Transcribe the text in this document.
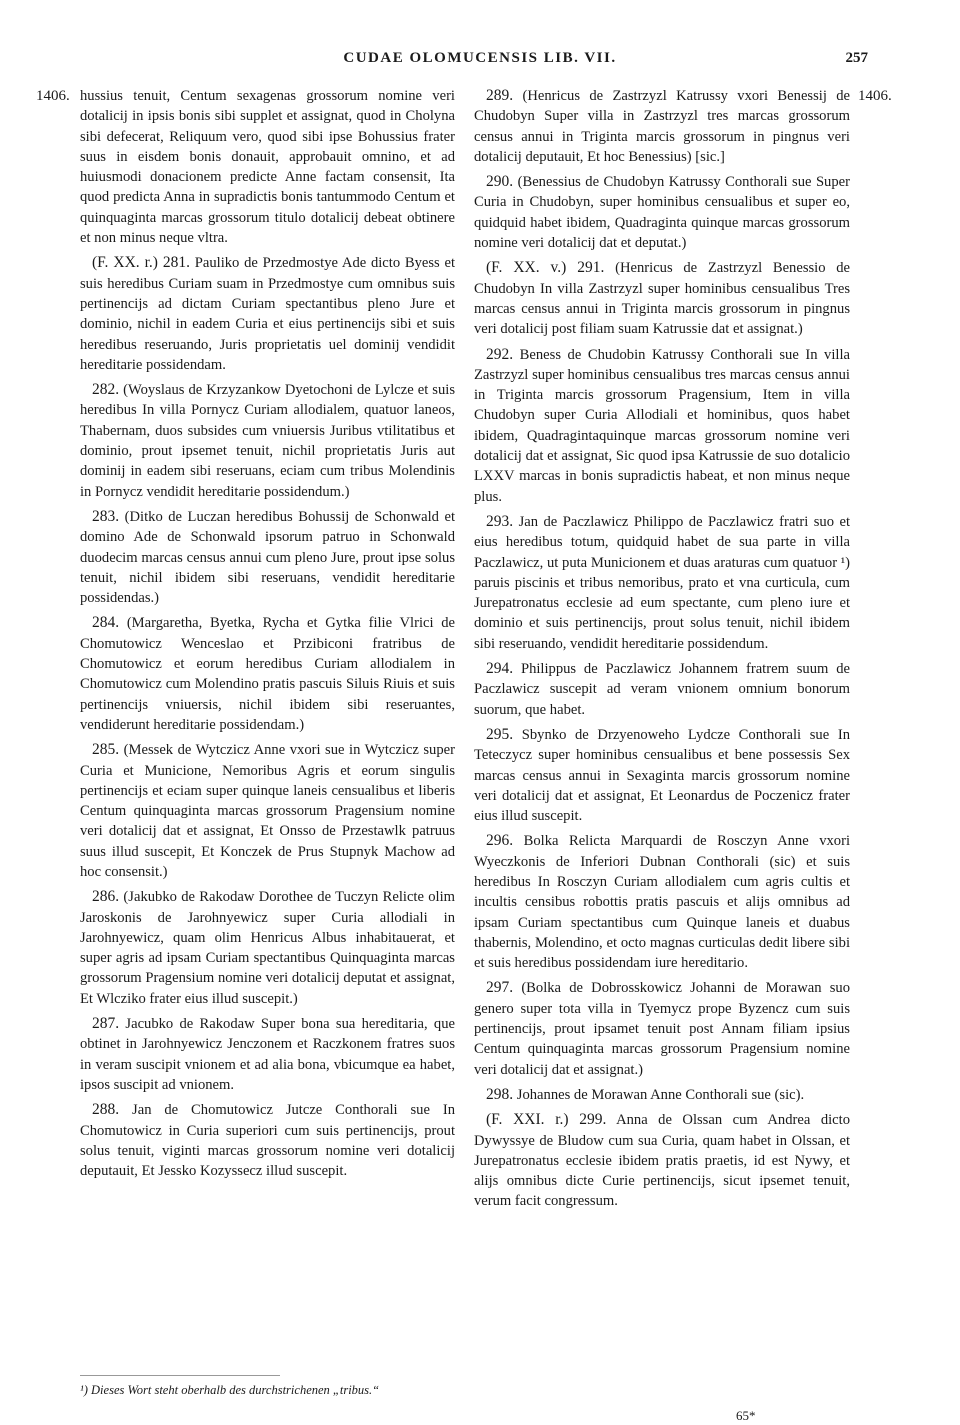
CUDAE OLOMUCENSIS LIB. VII.	257
1406.	1406.

hussius tenuit, Centum sexagenas grossorum nomine veri dotalicij in ipsis bonis sibi supplet et assignat, quod in Cholyna sibi defecerat, Reliquum vero, quod sibi ipse Bohussius frater suus in eisdem bonis donauit, approbauit omnino, et ad huiusmodi donacionem predicte Anne factam consensit, Ita quod predicta Anna in supradictis bonis tantummodo Centum et quinquaginta marcas grossorum titulo dotalicij debeat obtinere et non minus neque vltra.

(F. XX. r.) 281. Pauliko de Przedmostye Ade dicto Byess et suis heredibus Curiam suam in Przedmostye cum omnibus suis pertinencijs ad dictam Curiam spectantibus pleno Jure et dominio, nichil in eadem Curia et eius pertinencijs sibi et suis heredibus reseruando, Juris proprietatis uel dominij vendidit hereditarie possidendam.

282. (Woyslaus de Krzyzankow Dyetochoni de Lylcze et suis heredibus In villa Pornycz Curiam allodialem, quatuor laneos, Thabernam, duos subsides cum vniuersis Juribus vtilitatibus et dominio, prout ipsemet tenuit, nichil proprietatis Juris aut dominij in eadem sibi reseruans, eciam cum tribus Molendinis in Pornycz vendidit hereditarie possidendum.)

283. (Ditko de Luczan heredibus Bohussij de Schonwald et domino Ade de Schonwald ipsorum patruo in Schonwald duodecim marcas census annui cum pleno Jure, prout ipse solus tenuit, nichil ibidem sibi reseruans, vendidit hereditarie possidendas.)

284. (Margaretha, Byetka, Rycha et Gytka filie Vlrici de Chomutowicz Wenceslao et Przibiconi fratribus de Chomutowicz et eorum heredibus Curiam allodialem in Chomutowicz cum Molendino pratis pascuis Siluis Riuis et suis pertinencijs vniuersis, nichil ibidem sibi reseruantes, vendiderunt hereditarie possidendam.)

285. (Messek de Wytczicz Anne vxori sue in Wytczicz super Curia et Municione, Nemoribus Agris et eorum singulis pertinencijs et eciam super quinque laneis censualibus et liberis Centum quinquaginta marcas grossorum Pragensium nomine veri dotalicij dat et assignat, Et Onsso de Przestawlk patruus suus illud suscepit, Et Konczek de Prus Stupnyk Machow ad hoc consensit.)

286. (Jakubko de Rakodaw Dorothee de Tuczyn Relicte olim Jaroskonis de Jarohnyewicz super Curia allodiali in Jarohnyewicz, quam olim Henricus Albus inhabitauerat, et super agris ad ipsam Curiam spectantibus Quinquaginta marcas grossorum Pragensium nomine veri dotalicij deputat et assignat, Et Wlcziko frater eius illud suscepit.)

287. Jacubko de Rakodaw Super bona sua hereditaria, que obtinet in Jarohnyewicz Jenczonem et Raczkonem fratres suos in veram suscipit vnionem et ad alia bona, vbicumque ea habet, ipsos suscipit ad vnionem.

288. Jan de Chomutowicz Jutcze Conthorali sue In Chomutowicz in Curia superiori cum suis pertinencijs, prout solus tenuit, viginti marcas grossorum nomine veri dotalicij deputauit, Et Jessko Kozyssecz illud suscepit.

289. (Henricus de Zastrzyzl Katrussy vxori Benessij de Chudobyn Super villa in Zastrzyzl tres marcas grossorum census annui in Triginta marcis grossorum in pingnus veri dotalicij deputauit, Et hoc Benessius) [sic.]

290. (Benessius de Chudobyn Katrussy Conthorali sue Super Curia in Chudobyn, super hominibus censualibus et super eo, quidquid habet ibidem, Quadraginta quinque marcas grossorum nomine veri dotalicij dat et deputat.)

(F. XX. v.) 291. (Henricus de Zastrzyzl Benessio de Chudobyn In villa Zastrzyzl super hominibus censualibus Tres marcas census annui in Triginta marcis grossorum in pingnus veri dotalicij post filiam suam Katrussie dat et assignat.)

292. Beness de Chudobin Katrussy Conthorali sue In villa Zastrzyzl super hominibus censualibus tres marcas census annui in Triginta marcis grossorum Pragensium, Item in villa Chudobyn super Curia Allodiali et hominibus, quos habet ibidem, Quadragintaquinque marcas grossorum nomine veri dotalicij dat et assignat, Sic quod ipsa Katrussie de suo dotalicio LXXV marcas in bonis supradictis habeat, et non minus neque plus.

293. Jan de Paczlawicz Philippo de Paczlawicz fratri suo et eius heredibus totum, quidquid habet de sua parte in villa Paczlawicz, ut puta Municionem et duas araturas cum quatuor ¹) paruis piscinis et tribus nemoribus, prato et vna curticula, cum Jurepatronatus ecclesie ad eum spectante, cum pleno iure et dominio et suis pertinencijs, prout solus tenuit, nichil ibidem sibi reseruando, vendidit hereditarie possidendum.

294. Philippus de Paczlawicz Johannem fratrem suum de Paczlawicz suscepit ad veram vnionem omnium bonorum suorum, que habet.

295. Sbynko de Drzyenoweho Lydcze Conthorali sue In Teteczycz super hominibus censualibus et bene possessis Sex marcas census annui in Sexaginta marcis grossorum nomine veri dotalicij dat et assignat, Et Leonardus de Poczenicz frater eius illud suscepit.

296. Bolka Relicta Marquardi de Rosczyn Anne vxori Wyeczkonis de Inferiori Dubnan Conthorali (sic) et suis heredibus In Rosczyn Curiam allodialem cum agris cultis et incultis censibus robottis pratis pascuis et alijs omnibus ad ipsam Curiam spectantibus cum Quinque laneis et duabus thabernis, Molendino, et octo magnas curticulas dedit libere sibi et suis heredibus possidendam iure hereditario.

297. (Bolka de Dobrosskowicz Johanni de Morawan suo genero super tota villa in Tyemycz prope Byzencz cum suis pertinencijs, prout ipsamet tenuit post Annam filiam ipsius Centum quinquaginta marcas grossorum Pragensium nomine veri dotalicij dat et assignat.)

298. Johannes de Morawan Anne Conthorali sue (sic).

(F. XXI. r.) 299. Anna de Olssan cum Andrea dicto Dywyssye de Bludow cum sua Curia, quam habet in Olssan, et Jurepatronatus ecclesie ibidem pratis praetis, id est Nywy, et alijs omnibus dicte Curie pertinencijs, sicut ipsemet tenuit, verum facit congressum.

¹) Dieses Wort steht oberhalb des durchstrichenen „tribus.“
65*
